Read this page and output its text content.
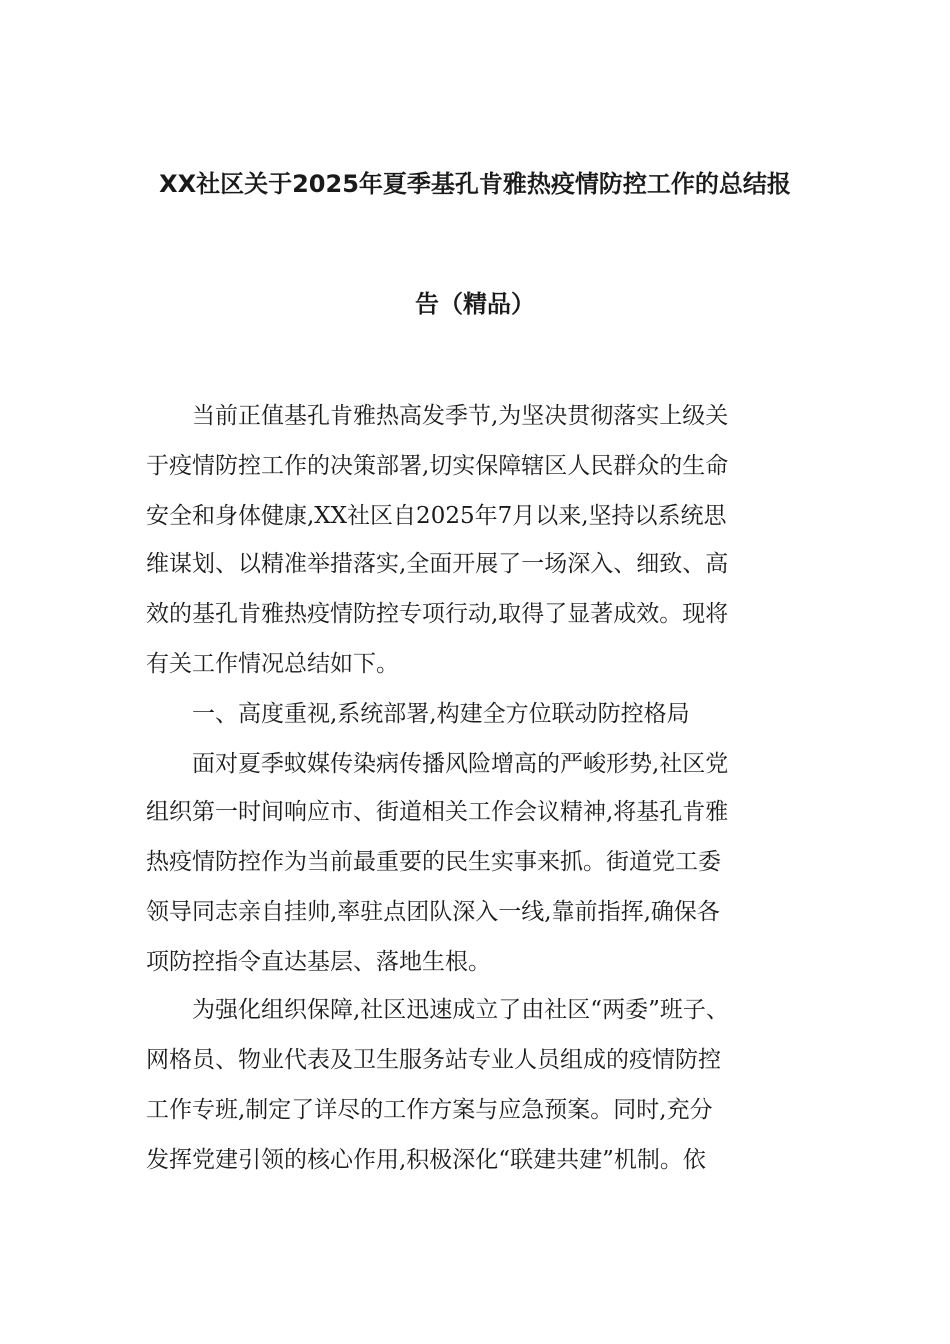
XX社区关于2025年夏季基孔肯雅热疫情防控工作的总结报
告（精品）

　　当前正值基孔肯雅热高发季节,为坚决贯彻落实上级关

于疫情防控工作的决策部署,切实保障辖区人民群众的生命

安全和身体健康,XX社区自2025年7月以来,坚持以系统思

维谋划、以精准举措落实,全面开展了一场深入、细致、高

效的基孔肯雅热疫情防控专项行动,取得了显著成效。现将

有关工作情况总结如下。

　　一、高度重视,系统部署,构建全方位联动防控格局

　　面对夏季蚊媒传染病传播风险增高的严峻形势,社区党

组织第一时间响应市、街道相关工作会议精神,将基孔肯雅

热疫情防控作为当前最重要的民生实事来抓。街道党工委

领导同志亲自挂帅,率驻点团队深入一线,靠前指挥,确保各

项防控指令直达基层、落地生根。

　　为强化组织保障,社区迅速成立了由社区“两委”班子、

网格员、物业代表及卫生服务站专业人员组成的疫情防控

工作专班,制定了详尽的工作方案与应急预案。同时,充分

发挥党建引领的核心作用,积极深化“联建共建”机制。依
